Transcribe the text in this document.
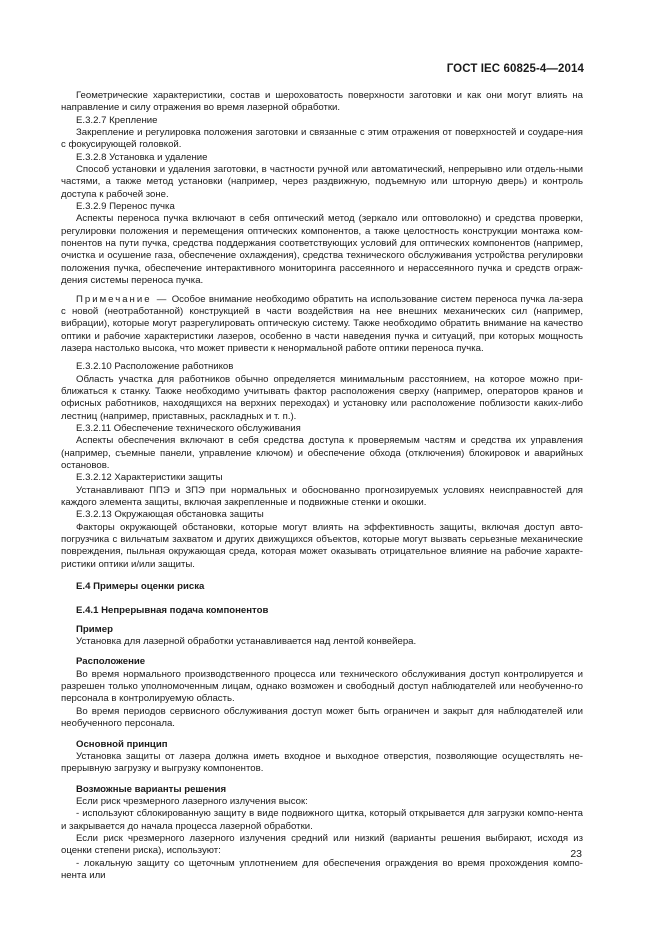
ГОСТ IEC 60825-4—2014

Геометрические характеристики, состав и шероховатость поверхности заготовки и как они могут влиять на направление и силу отражения во время лазерной обработки.

E.3.2.7 Крепление

Закрепление и регулировка положения заготовки и связанные с этим отражения от поверхностей и соударе-ния с фокусирующей головкой.

E.3.2.8 Установка и удаление

Способ установки и удаления заготовки, в частности ручной или автоматический, непрерывно или отдель-ными частями, а также метод установки (например, через раздвижную, подъемную или шторную дверь) и контроль доступа к рабочей зоне.

E.3.2.9 Перенос пучка

Аспекты переноса пучка включают в себя оптический метод (зеркало или оптоволокно) и средства проверки, регулировки положения и перемещения оптических компонентов, а также целостность конструкции монтажа ком-понентов на пути пучка, средства поддержания соответствующих условий для оптических компонентов (например, очистка и осушение газа, обеспечение охлаждения), средства технического обслуживания устройства регулировки положения пучка, обеспечение интерактивного мониторинга рассеянного и нерассеянного пучка и средств ограж-дения системы переноса пучка.

Примечание — Особое внимание необходимо обратить на использование систем переноса пучка ла-зера с новой (неотработанной) конструкцией в части воздействия на нее внешних механических сил (например, вибрации), которые могут разрегулировать оптическую систему. Также необходимо обратить внимание на качество оптики и рабочие характеристики лазеров, особенно в части наведения пучка и ситуаций, при которых мощность лазера настолько высока, что может привести к ненормальной работе оптики переноса пучка.

E.3.2.10 Расположение работников

Область участка для работников обычно определяется минимальным расстоянием, на которое можно при-ближаться к станку. Также необходимо учитывать фактор расположения сверху (например, операторов кранов и офисных работников, находящихся на верхних переходах) и установку или расположение поблизости каких-либо лестниц (например, приставных, раскладных и т. п.).

E.3.2.11 Обеспечение технического обслуживания

Аспекты обеспечения включают в себя средства доступа к проверяемым частям и средства их управления (например, съемные панели, управление ключом) и обеспечение обхода (отключения) блокировок и аварийных остановов.

E.3.2.12 Характеристики защиты

Устанавливают ППЭ и ЗПЭ при нормальных и обоснованно прогнозируемых условиях неисправностей для каждого элемента защиты, включая закрепленные и подвижные стенки и окошки.

E.3.2.13 Окружающая обстановка защиты

Факторы окружающей обстановки, которые могут влиять на эффективность защиты, включая доступ авто-погрузчика с вильчатым захватом и других движущихся объектов, которые могут вызвать серьезные механические повреждения, пыльная окружающая среда, которая может оказывать отрицательное влияние на рабочие характе-ристики оптики и/или защиты.

Е.4 Примеры оценки риска

Е.4.1 Непрерывная подача компонентов

Пример

Установка для лазерной обработки устанавливается над лентой конвейера.

Расположение

Во время нормального производственного процесса или технического обслуживания доступ контролируется и разрешен только уполномоченным лицам, однако возможен и свободный доступ наблюдателей или необученно-го персонала в контролируемую область.

Во время периодов сервисного обслуживания доступ может быть ограничен и закрыт для наблюдателей или необученного персонала.

Основной принцип

Установка защиты от лазера должна иметь входное и выходное отверстия, позволяющие осуществлять не-прерывную загрузку и выгрузку компонентов.

Возможные варианты решения

Если риск чрезмерного лазерного излучения высок:

- используют сблокированную защиту в виде подвижного щитка, который открывается для загрузки компо-нента и закрывается до начала процесса лазерной обработки.

Если риск чрезмерного лазерного излучения средний или низкий (варианты решения выбирают, исходя из оценки степени риска), используют:

- локальную защиту со щеточным уплотнением для обеспечения ограждения во время прохождения компо-нента или

23
